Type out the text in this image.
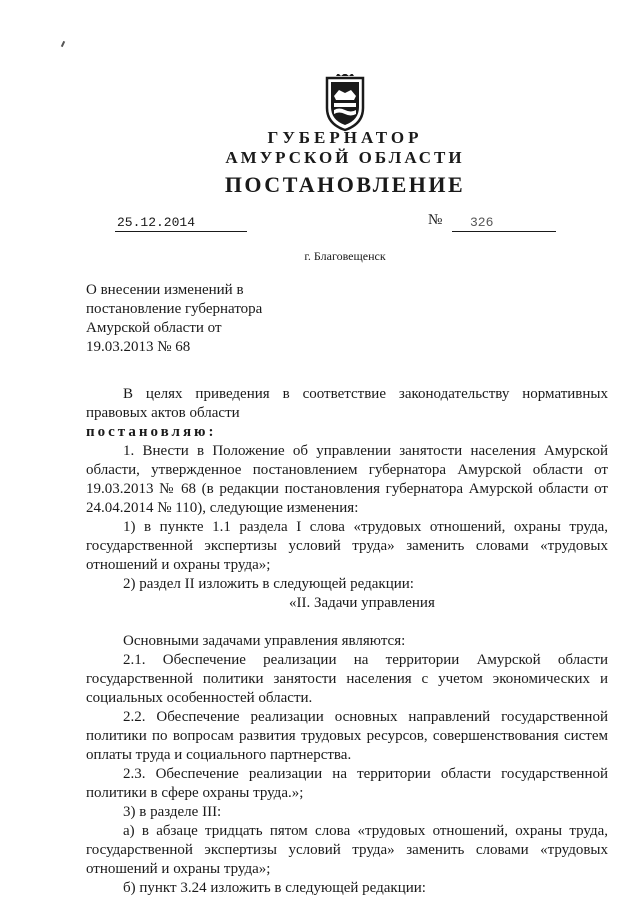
ГУБЕРНАТОР
АМУРСКОЙ ОБЛАСТИ
ПОСТАНОВЛЕНИЕ
25.12.2014	№	326
г. Благовещенск
О внесении изменений в
постановление губернатора
Амурской области от
19.03.2013 № 68
В целях приведения в соответствие законодательству нормативных
правовых актов области
постановляю:
1. Внести в Положение об управлении занятости населения Амурской
области, утвержденное постановлением губернатора Амурской области от
19.03.2013 № 68 (в редакции постановления губернатора Амурской области от
24.04.2014 № 110), следующие изменения:
1) в пункте 1.1 раздела I слова «трудовых отношений, охраны труда,
государственной экспертизы условий труда» заменить словами «трудовых
отношений и охраны труда»;
2) раздел II изложить в следующей редакции:
«II. Задачи управления
Основными задачами управления являются:
2.1. Обеспечение реализации на территории Амурской области
государственной политики занятости населения с учетом экономических и
социальных особенностей области.
2.2. Обеспечение реализации основных направлений государственной
политики по вопросам развития трудовых ресурсов, совершенствования систем
оплаты труда и социального партнерства.
2.3. Обеспечение реализации на территории области государственной
политики в сфере охраны труда.»;
3) в разделе III:
а) в абзаце тридцать пятом слова «трудовых отношений, охраны труда,
государственной экспертизы условий труда» заменить словами «трудовых
отношений и охраны труда»;
б) пункт 3.24 изложить в следующей редакции:
